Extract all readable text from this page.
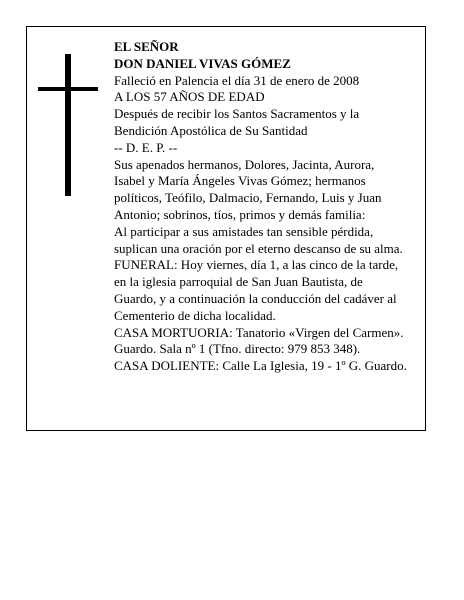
EL SEÑOR

DON DANIEL VIVAS GÓMEZ

Falleció en Palencia el día 31 de enero de 2008

A LOS 57 AÑOS DE EDAD

Después de recibir los Santos Sacramentos y la

Bendición Apostólica de Su Santidad

-- D. E. P. --

Sus apenados hermanos, Dolores, Jacinta, Aurora,

Isabel y María Ángeles Vivas Gómez; hermanos

políticos, Teófilo, Dalmacio, Fernando, Luis y Juan

Antonio; sobrinos, tíos, primos y demás familia:

Al participar a sus amistades tan sensible pérdida,

suplican una oración por el eterno descanso de su alma.

FUNERAL: Hoy viernes, día 1, a las cinco de la tarde,

en la iglesia parroquial de San Juan Bautista, de

Guardo, y a continuación la conducción del cadáver al

Cementerio de dicha localidad.

CASA MORTUORIA: Tanatorio «Virgen del Carmen».

Guardo. Sala nº 1 (Tfno. directo: 979 853 348).

CASA DOLIENTE: Calle La Iglesia, 19 - 1º G. Guardo.
